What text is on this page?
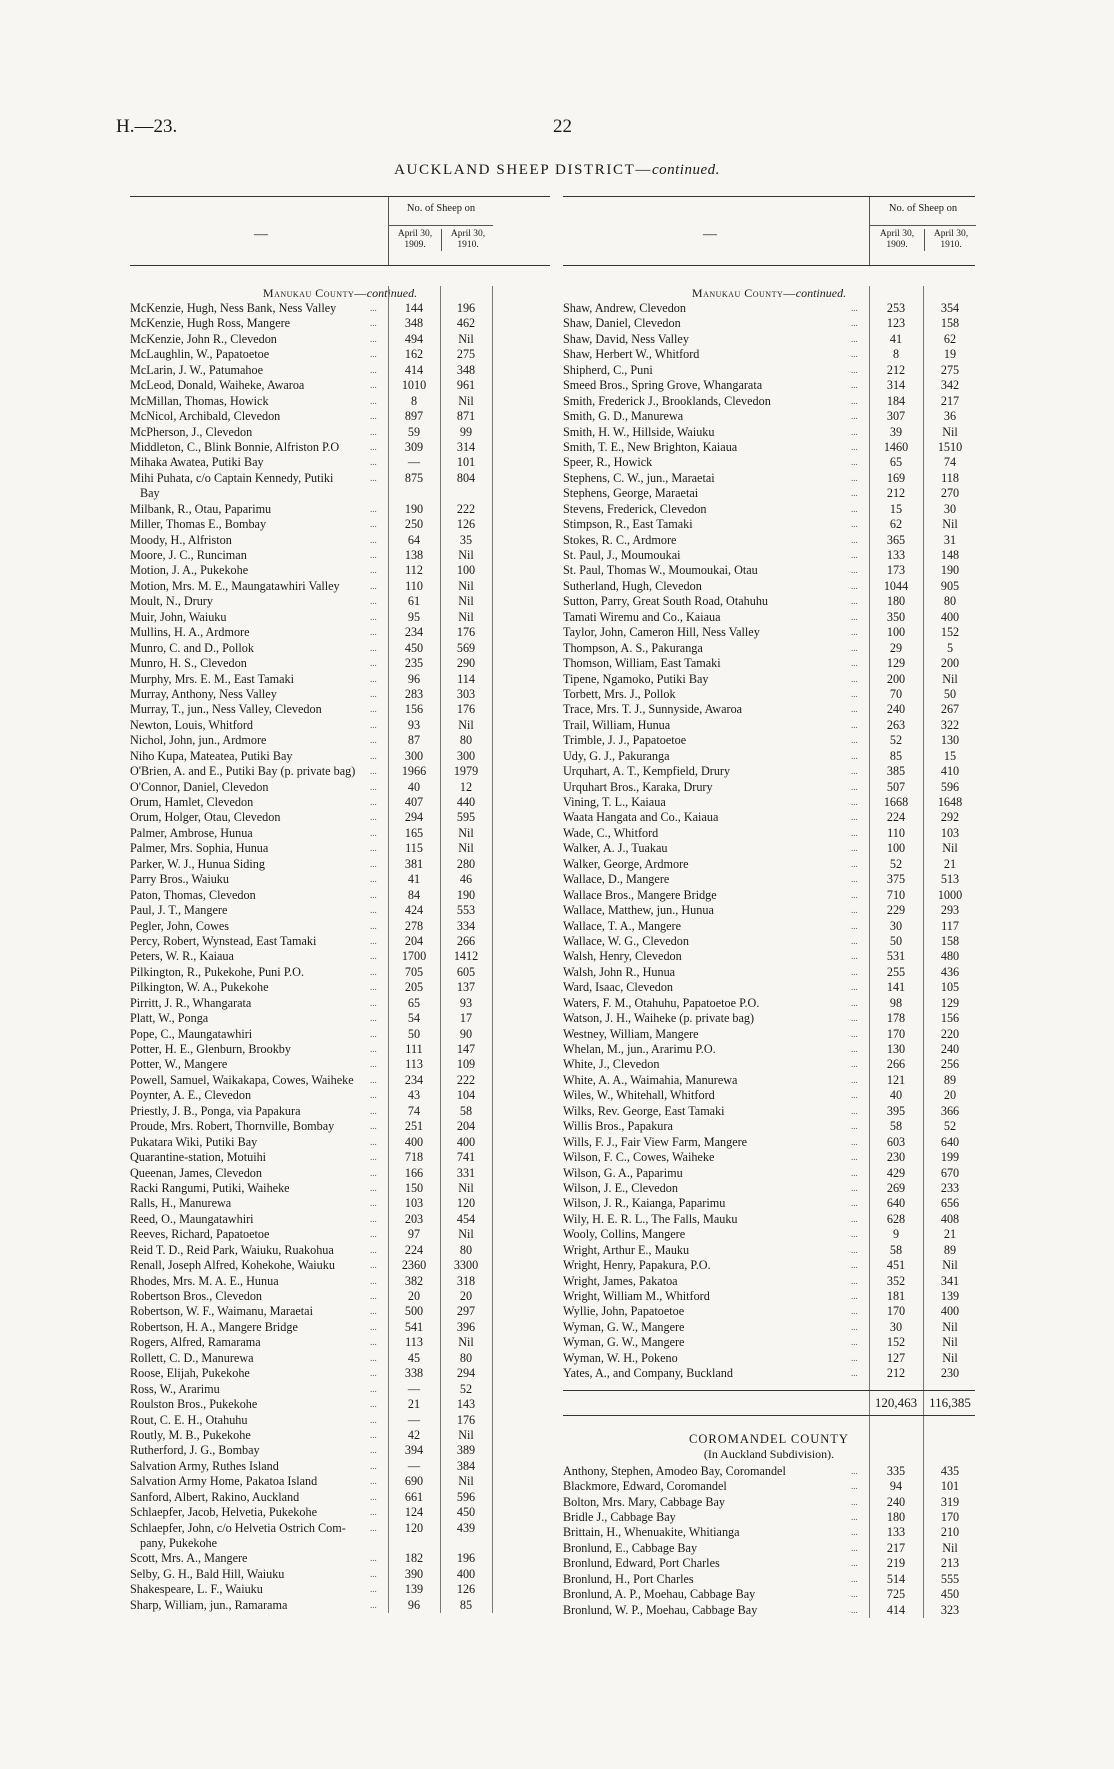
H.—23.	22
AUCKLAND SHEEP DISTRICT—continued.
—
No. of Sheep on
April 30, 1909.
April 30, 1910.
Manukau County—continued.
McKenzie, Hugh, Ness Bank, Ness Valley	...	144	196
McKenzie, Hugh Ross, Mangere	...	348	462
McKenzie, John R., Clevedon	...	494	Nil
McLaughlin, W., Papatoetoe	...	162	275
McLarin, J. W., Patumahoe	...	414	348
McLeod, Donald, Waiheke, Awaroa	...	1010	961
McMillan, Thomas, Howick	...	8	Nil
McNicol, Archibald, Clevedon	...	897	871
McPherson, J., Clevedon	...	59	99
Middleton, C., Blink Bonnie, Alfriston P.O	...	309	314
Mihaka Awatea, Putiki Bay	...	—	101
Mihi Puhata, c/o Captain Kennedy, Putiki	...	875	804
Bay
Milbank, R., Otau, Paparimu	...	190	222
Miller, Thomas E., Bombay	...	250	126
Moody, H., Alfriston	...	64	35
Moore, J. C., Runciman	...	138	Nil
Motion, J. A., Pukekohe	...	112	100
Motion, Mrs. M. E., Maungatawhiri Valley	...	110	Nil
Moult, N., Drury	...	61	Nil
Muir, John, Waiuku	...	95	Nil
Mullins, H. A., Ardmore	...	234	176
Munro, C. and D., Pollok	...	450	569
Munro, H. S., Clevedon	...	235	290
Murphy, Mrs. E. M., East Tamaki	...	96	114
Murray, Anthony, Ness Valley	...	283	303
Murray, T., jun., Ness Valley, Clevedon	...	156	176
Newton, Louis, Whitford	...	93	Nil
Nichol, John, jun., Ardmore	...	87	80
Niho Kupa, Mateatea, Putiki Bay	...	300	300
O'Brien, A. and E., Putiki Bay (p. private bag)	...	1966	1979
O'Connor, Daniel, Clevedon	...	40	12
Orum, Hamlet, Clevedon	...	407	440
Orum, Holger, Otau, Clevedon	...	294	595
Palmer, Ambrose, Hunua	...	165	Nil
Palmer, Mrs. Sophia, Hunua	...	115	Nil
Parker, W. J., Hunua Siding	...	381	280
Parry Bros., Waiuku	...	41	46
Paton, Thomas, Clevedon	...	84	190
Paul, J. T., Mangere	...	424	553
Pegler, John, Cowes	...	278	334
Percy, Robert, Wynstead, East Tamaki	...	204	266
Peters, W. R., Kaiaua	...	1700	1412
Pilkington, R., Pukekohe, Puni P.O.	...	705	605
Pilkington, W. A., Pukekohe	...	205	137
Pirritt, J. R., Whangarata	...	65	93
Platt, W., Ponga	...	54	17
Pope, C., Maungatawhiri	...	50	90
Potter, H. E., Glenburn, Brookby	...	111	147
Potter, W., Mangere	...	113	109
Powell, Samuel, Waikakapa, Cowes, Waiheke	...	234	222
Poynter, A. E., Clevedon	...	43	104
Priestly, J. B., Ponga, via Papakura	...	74	58
Proude, Mrs. Robert, Thornville, Bombay	...	251	204
Pukatara Wiki, Putiki Bay	...	400	400
Quarantine-station, Motuihi	...	718	741
Queenan, James, Clevedon	...	166	331
Racki Rangumi, Putiki, Waiheke	...	150	Nil
Ralls, H., Manurewa	...	103	120
Reed, O., Maungatawhiri	...	203	454
Reeves, Richard, Papatoetoe	...	97	Nil
Reid T. D., Reid Park, Waiuku, Ruakohua	...	224	80
Renall, Joseph Alfred, Kohekohe, Waiuku	...	2360	3300
Rhodes, Mrs. M. A. E., Hunua	...	382	318
Robertson Bros., Clevedon	...	20	20
Robertson, W. F., Waimanu, Maraetai	...	500	297
Robertson, H. A., Mangere Bridge	...	541	396
Rogers, Alfred, Ramarama	...	113	Nil
Rollett, C. D., Manurewa	...	45	80
Roose, Elijah, Pukekohe	...	338	294
Ross, W., Ararimu	...	—	52
Roulston Bros., Pukekohe	...	21	143
Rout, C. E. H., Otahuhu	...	—	176
Routly, M. B., Pukekohe	...	42	Nil
Rutherford, J. G., Bombay	...	394	389
Salvation Army, Ruthes Island	...	—	384
Salvation Army Home, Pakatoa Island	...	690	Nil
Sanford, Albert, Rakino, Auckland	...	661	596
Schlaepfer, Jacob, Helvetia, Pukekohe	...	124	450
Schlaepfer, John, c/o Helvetia Ostrich Com-	...	120	439
pany, Pukekohe
Scott, Mrs. A., Mangere	...	182	196
Selby, G. H., Bald Hill, Waiuku	...	390	400
Shakespeare, L. F., Waiuku	...	139	126
Sharp, William, jun., Ramarama	...	96	85
—
No. of Sheep on
April 30, 1909.
April 30, 1910.
Manukau County—continued.
Shaw, Andrew, Clevedon	...	253	354
Shaw, Daniel, Clevedon	...	123	158
Shaw, David, Ness Valley	...	41	62
Shaw, Herbert W., Whitford	...	8	19
Shipherd, C., Puni	...	212	275
Smeed Bros., Spring Grove, Whangarata	...	314	342
Smith, Frederick J., Brooklands, Clevedon	...	184	217
Smith, G. D., Manurewa	...	307	36
Smith, H. W., Hillside, Waiuku	...	39	Nil
Smith, T. E., New Brighton, Kaiaua	...	1460	1510
Speer, R., Howick	...	65	74
Stephens, C. W., jun., Maraetai	...	169	118
Stephens, George, Maraetai	...	212	270
Stevens, Frederick, Clevedon	...	15	30
Stimpson, R., East Tamaki	...	62	Nil
Stokes, R. C., Ardmore	...	365	31
St. Paul, J., Moumoukai	...	133	148
St. Paul, Thomas W., Moumoukai, Otau	...	173	190
Sutherland, Hugh, Clevedon	...	1044	905
Sutton, Parry, Great South Road, Otahuhu	...	180	80
Tamati Wiremu and Co., Kaiaua	...	350	400
Taylor, John, Cameron Hill, Ness Valley	...	100	152
Thompson, A. S., Pakuranga	...	29	5
Thomson, William, East Tamaki	...	129	200
Tipene, Ngamoko, Putiki Bay	...	200	Nil
Torbett, Mrs. J., Pollok	...	70	50
Trace, Mrs. T. J., Sunnyside, Awaroa	...	240	267
Trail, William, Hunua	...	263	322
Trimble, J. J., Papatoetoe	...	52	130
Udy, G. J., Pakuranga	...	85	15
Urquhart, A. T., Kempfield, Drury	...	385	410
Urquhart Bros., Karaka, Drury	...	507	596
Vining, T. L., Kaiaua	...	1668	1648
Waata Hangata and Co., Kaiaua	...	224	292
Wade, C., Whitford	...	110	103
Walker, A. J., Tuakau	...	100	Nil
Walker, George, Ardmore	...	52	21
Wallace, D., Mangere	...	375	513
Wallace Bros., Mangere Bridge	...	710	1000
Wallace, Matthew, jun., Hunua	...	229	293
Wallace, T. A., Mangere	...	30	117
Wallace, W. G., Clevedon	...	50	158
Walsh, Henry, Clevedon	...	531	480
Walsh, John R., Hunua	...	255	436
Ward, Isaac, Clevedon	...	141	105
Waters, F. M., Otahuhu, Papatoetoe P.O.	...	98	129
Watson, J. H., Waiheke (p. private bag)	...	178	156
Westney, William, Mangere	...	170	220
Whelan, M., jun., Ararimu P.O.	...	130	240
White, J., Clevedon	...	266	256
White, A. A., Waimahia, Manurewa	...	121	89
Wiles, W., Whitehall, Whitford	...	40	20
Wilks, Rev. George, East Tamaki	...	395	366
Willis Bros., Papakura	...	58	52
Wills, F. J., Fair View Farm, Mangere	...	603	640
Wilson, F. C., Cowes, Waiheke	...	230	199
Wilson, G. A., Paparimu	...	429	670
Wilson, J. E., Clevedon	...	269	233
Wilson, J. R., Kaianga, Paparimu	...	640	656
Wily, H. E. R. L., The Falls, Mauku	...	628	408
Wooly, Collins, Mangere	...	9	21
Wright, Arthur E., Mauku	...	58	89
Wright, Henry, Papakura, P.O.	...	451	Nil
Wright, James, Pakatoa	...	352	341
Wright, William M., Whitford	...	181	139
Wyllie, John, Papatoetoe	...	170	400
Wyman, G. W., Mangere	...	30	Nil
Wyman, G. W., Mangere	...	152	Nil
Wyman, W. H., Pokeno	...	127	Nil
Yates, A., and Company, Buckland	...	212	230
120,463 116,385
COROMANDEL COUNTY
(In Auckland Subdivision).
Anthony, Stephen, Amodeo Bay, Coromandel	...	335	435
Blackmore, Edward, Coromandel	...	94	101
Bolton, Mrs. Mary, Cabbage Bay	...	240	319
Bridle J., Cabbage Bay	...	180	170
Brittain, H., Whenuakite, Whitianga	...	133	210
Bronlund, E., Cabbage Bay	...	217	Nil
Bronlund, Edward, Port Charles	...	219	213
Bronlund, H., Port Charles	...	514	555
Bronlund, A. P., Moehau, Cabbage Bay	...	725	450
Bronlund, W. P., Moehau, Cabbage Bay	...	414	323
